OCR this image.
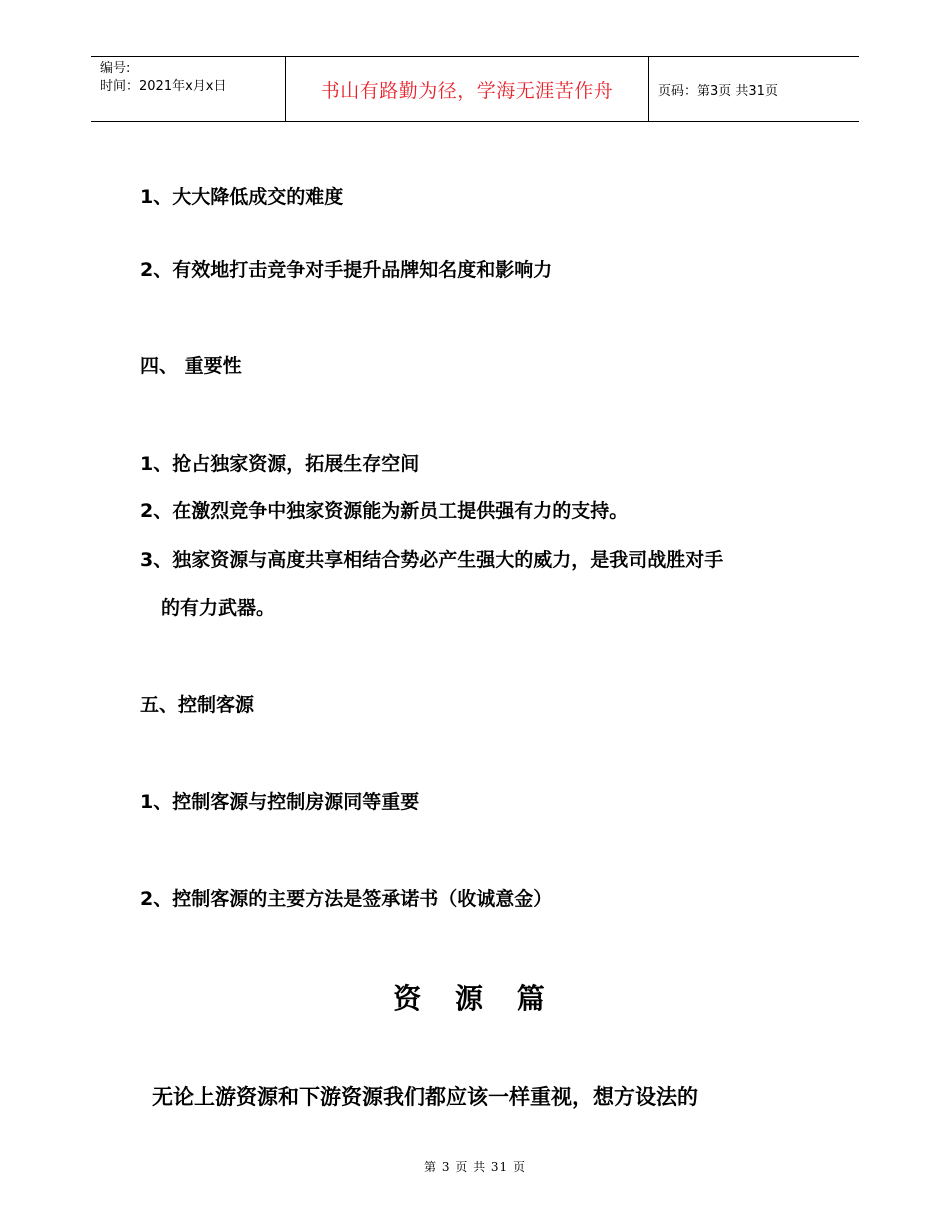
编号:
时间：2021年x月x日	书山有路勤为径，学海无涯苦作舟	页码：第3页 共31页
1、大大降低成交的难度
2、有效地打击竞争对手提升品牌知名度和影响力
四、 重要性
1、抢占独家资源，拓展生存空间
2、在激烈竞争中独家资源能为新员工提供强有力的支持。
3、独家资源与高度共享相结合势必产生强大的威力，是我司战胜对手
的有力武器。
五、控制客源
1、控制客源与控制房源同等重要
2、控制客源的主要方法是签承诺书（收诚意金）
资 源 篇
无论上游资源和下游资源我们都应该一样重视，想方设法的
第 3 页 共 31 页
